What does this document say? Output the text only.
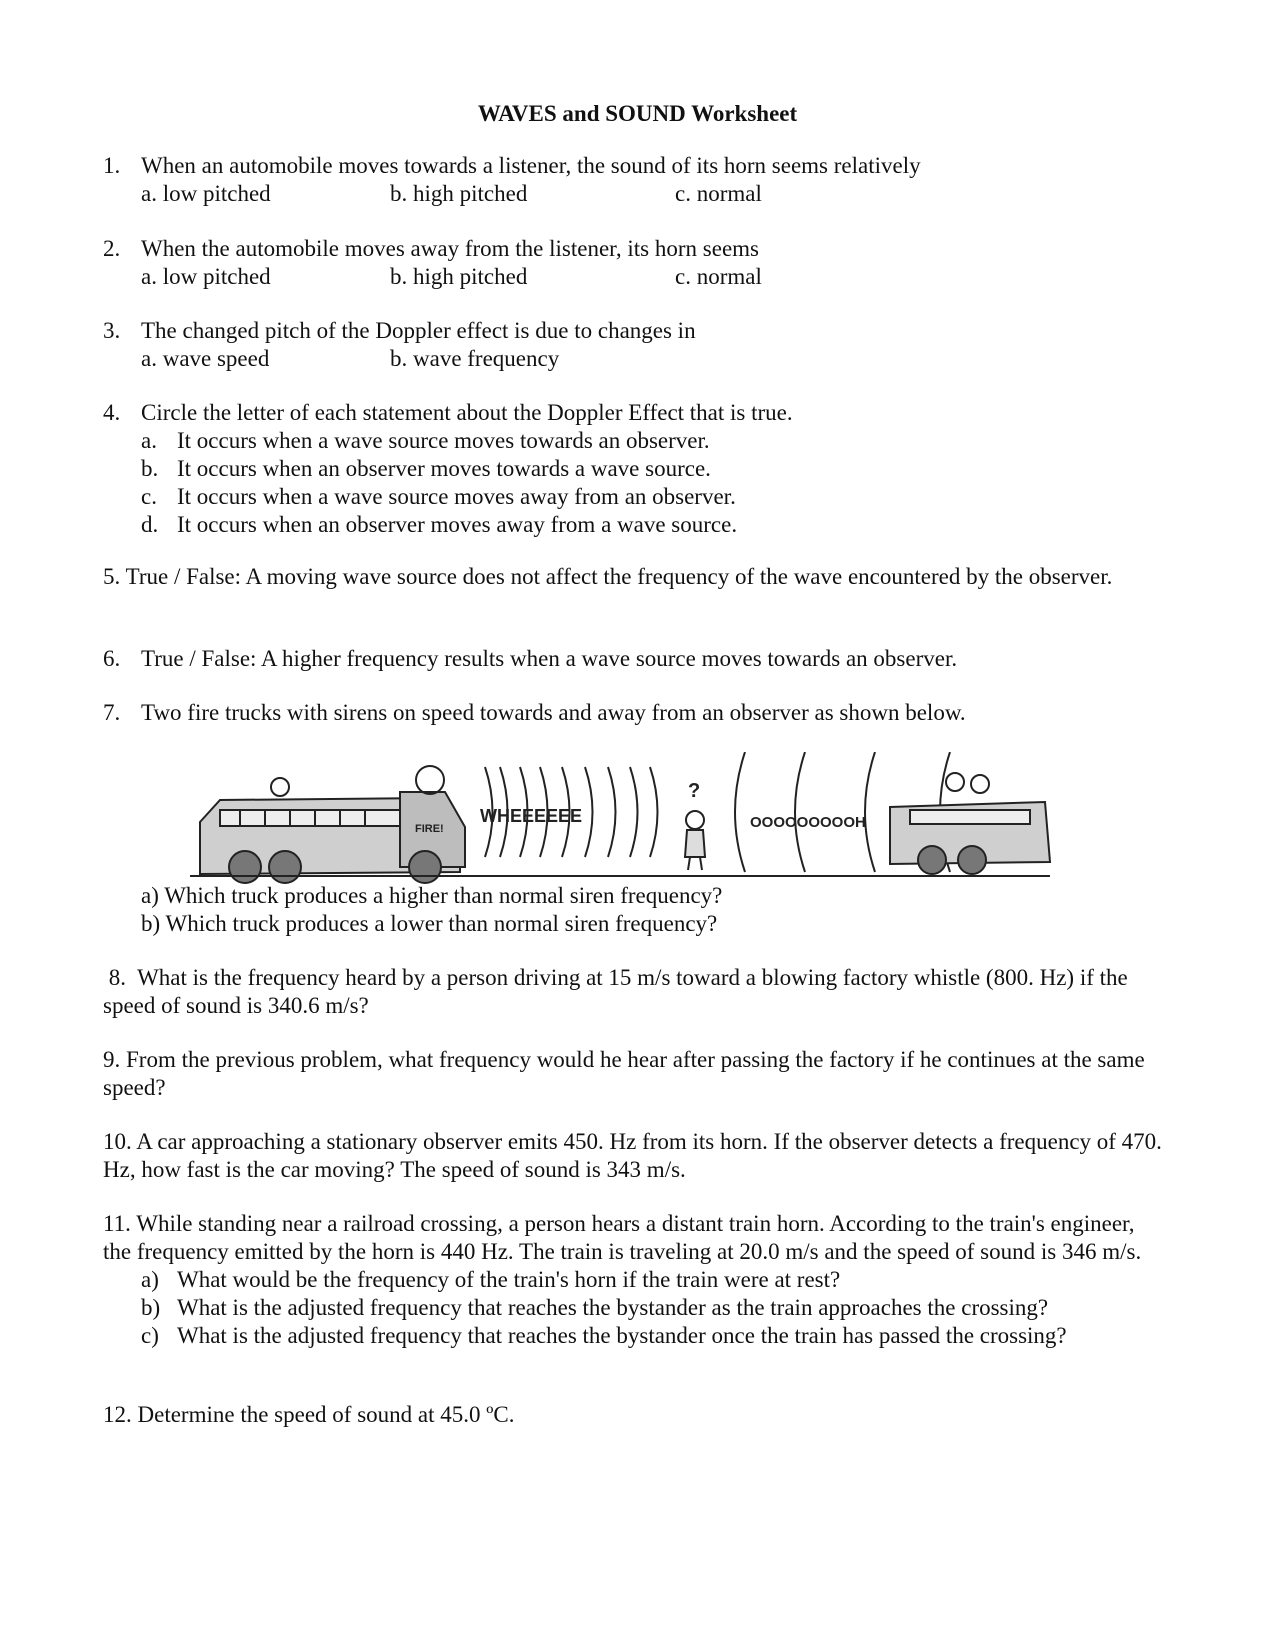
WAVES and SOUND Worksheet
1. When an automobile moves towards a listener, the sound of its horn seems relatively
a. low pitched	b. high pitched	c. normal
2. When the automobile moves away from the listener, its horn seems
a. low pitched	b. high pitched	c. normal
3. The changed pitch of the Doppler effect is due to changes in
a. wave speed	b. wave frequency
4. Circle the letter of each statement about the Doppler Effect that is true.
a. It occurs when a wave source moves towards an observer.
b. It occurs when an observer moves towards a wave source.
c. It occurs when a wave source moves away from an observer.
d. It occurs when an observer moves away from a wave source.
5. True / False: A moving wave source does not affect the frequency of the wave encountered by the observer.
6. True / False: A higher frequency results when a wave source moves towards an observer.
7. Two fire trucks with sirens on speed towards and away from an observer as shown below.
WHEEEEEE	OOOOOOOOOH
FIRE!
?
a) Which truck produces a higher than normal siren frequency?
b) Which truck produces a lower than normal siren frequency?
8.  What is the frequency heard by a person driving at 15 m/s toward a blowing factory whistle (800. Hz) if the speed of sound is 340.6 m/s?
9. From the previous problem, what frequency would he hear after passing the factory if he continues at the same speed?
10. A car approaching a stationary observer emits 450. Hz from its horn. If the observer detects a frequency of 470. Hz, how fast is the car moving? The speed of sound is 343 m/s.
11. While standing near a railroad crossing, a person hears a distant train horn. According to the train's engineer, the frequency emitted by the horn is 440 Hz. The train is traveling at 20.0 m/s and the speed of sound is 346 m/s.
a) What would be the frequency of the train's horn if the train were at rest?
b) What is the adjusted frequency that reaches the bystander as the train approaches the crossing?
c) What is the adjusted frequency that reaches the bystander once the train has passed the crossing?
12. Determine the speed of sound at 45.0 ºC.
